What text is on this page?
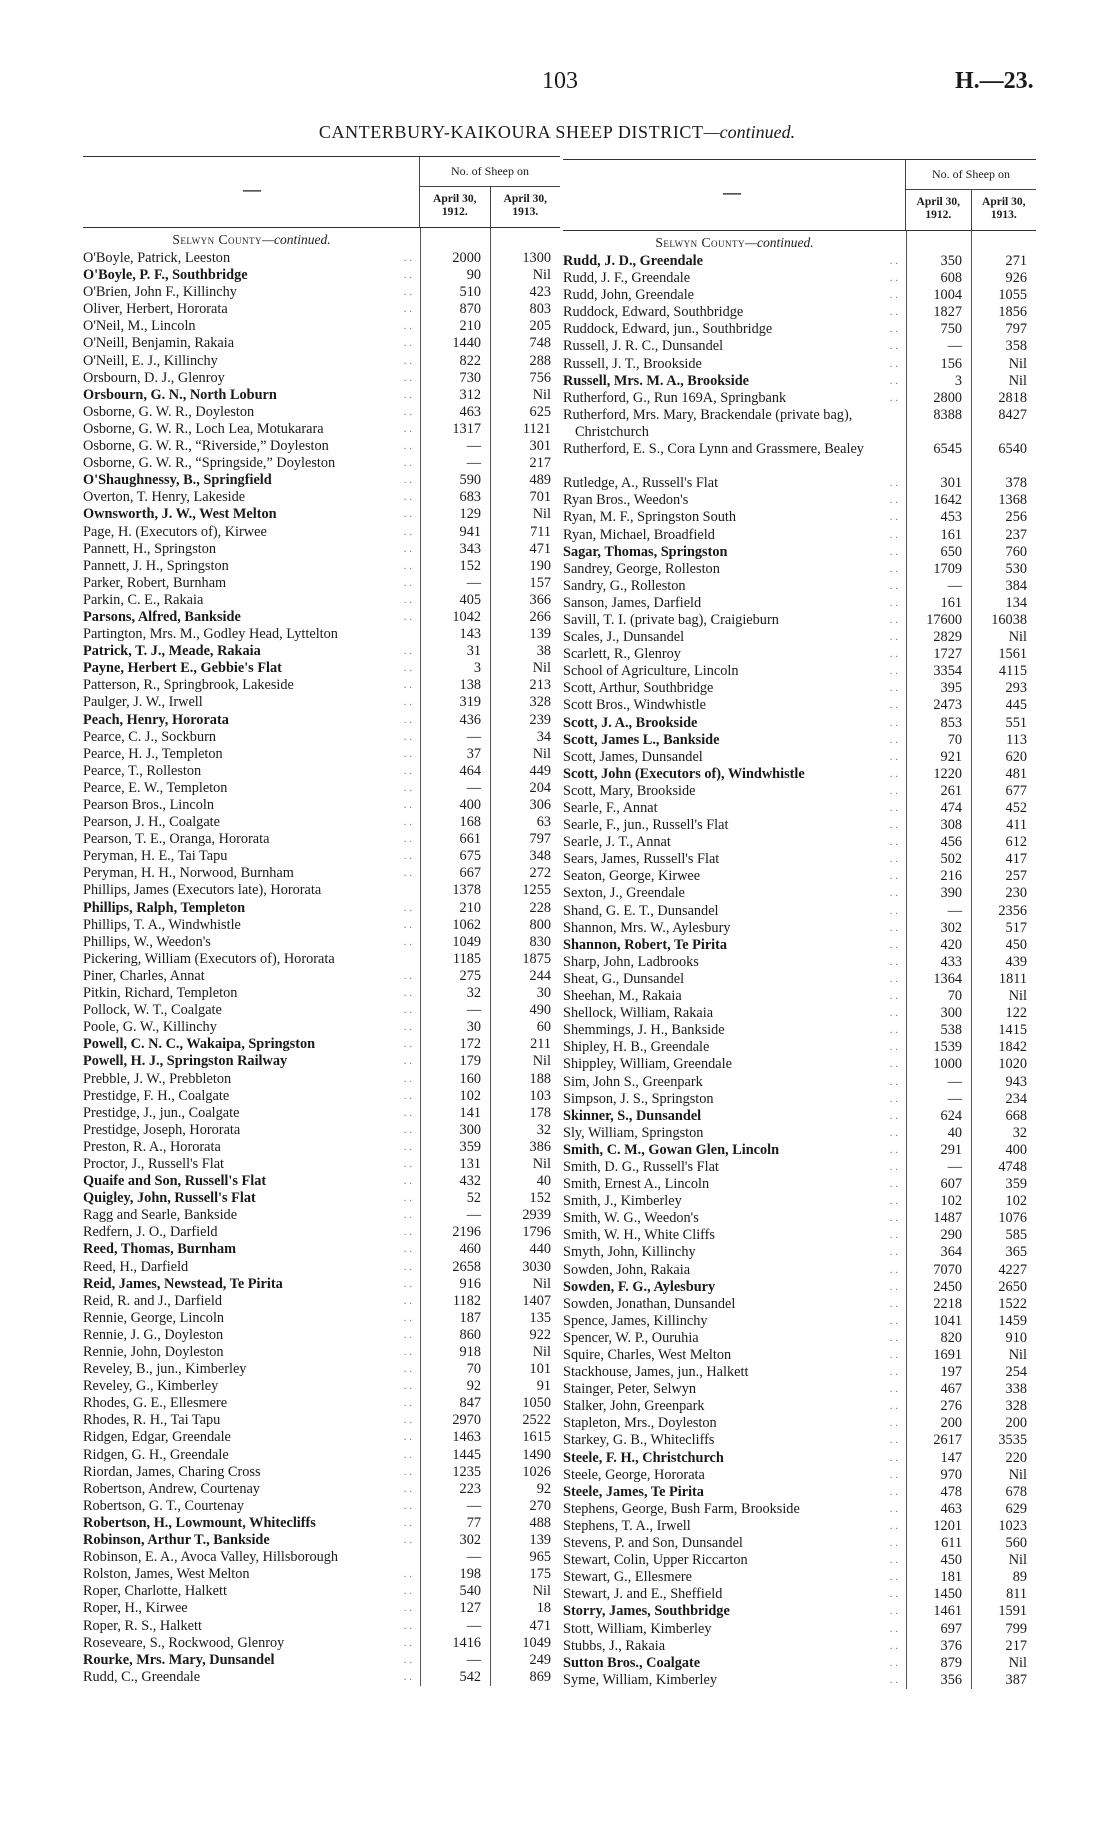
103	H.—23.
CANTERBURY-KAIKOURA SHEEP DISTRICT—continued.
—
No. of Sheep on
April 30, 1912.
April 30, 1913.
Selwyn County—continued.
O'Boyle, Patrick, Leeston . .	2000	1300
O'Boyle, P. F., Southbridge . .	90	Nil
O'Brien, John F., Killinchy . .	510	423
Oliver, Herbert, Hororata . .	870	803
O'Neil, M., Lincoln . .	210	205
O'Neill, Benjamin, Rakaia . .	1440	748
O'Neill, E. J., Killinchy . .	822	288
Orsbourn, D. J., Glenroy . .	730	756
Orsbourn, G. N., North Loburn . .	312	Nil
Osborne, G. W. R., Doyleston . .	463	625
Osborne, G. W. R., Loch Lea, Motukarara . .	1317	1121
Osborne, G. W. R., “Riverside,” Doyleston . .	—	301
Osborne, G. W. R., “Springside,” Doyleston . .	—	217
O'Shaughnessy, B., Springfield . .	590	489
Overton, T. Henry, Lakeside . .	683	701
Ownsworth, J. W., West Melton . .	129	Nil
Page, H. (Executors of), Kirwee . .	941	711
Pannett, H., Springston . .	343	471
Pannett, J. H., Springston . .	152	190
Parker, Robert, Burnham . .	—	157
Parkin, C. E., Rakaia . .	405	366
Parsons, Alfred, Bankside . .	1042	266
Partington, Mrs. M., Godley Head, Lyttelton	143	139
Patrick, T. J., Meade, Rakaia . .	31	38
Payne, Herbert E., Gebbie's Flat . .	3	Nil
Patterson, R., Springbrook, Lakeside . .	138	213
Paulger, J. W., Irwell . .	319	328
Peach, Henry, Hororata . .	436	239
Pearce, C. J., Sockburn . .	—	34
Pearce, H. J., Templeton . .	37	Nil
Pearce, T., Rolleston . .	464	449
Pearce, E. W., Templeton . .	—	204
Pearson Bros., Lincoln . .	400	306
Pearson, J. H., Coalgate . .	168	63
Pearson, T. E., Oranga, Hororata . .	661	797
Peryman, H. E., Tai Tapu . .	675	348
Peryman, H. H., Norwood, Burnham . .	667	272
Phillips, James (Executors late), Hororata	1378	1255
Phillips, Ralph, Templeton . .	210	228
Phillips, T. A., Windwhistle . .	1062	800
Phillips, W., Weedon's . .	1049	830
Pickering, William (Executors of), Hororata	1185	1875
Piner, Charles, Annat . .	275	244
Pitkin, Richard, Templeton . .	32	30
Pollock, W. T., Coalgate . .	—	490
Poole, G. W., Killinchy . .	30	60
Powell, C. N. C., Wakaipa, Springston . .	172	211
Powell, H. J., Springston Railway . .	179	Nil
Prebble, J. W., Prebbleton . .	160	188
Prestidge, F. H., Coalgate . .	102	103
Prestidge, J., jun., Coalgate . .	141	178
Prestidge, Joseph, Hororata . .	300	32
Preston, R. A., Hororata . .	359	386
Proctor, J., Russell's Flat . .	131	Nil
Quaife and Son, Russell's Flat . .	432	40
Quigley, John, Russell's Flat . .	52	152
Ragg and Searle, Bankside . .	—	2939
Redfern, J. O., Darfield . .	2196	1796
Reed, Thomas, Burnham . .	460	440
Reed, H., Darfield . .	2658	3030
Reid, James, Newstead, Te Pirita . .	916	Nil
Reid, R. and J., Darfield . .	1182	1407
Rennie, George, Lincoln . .	187	135
Rennie, J. G., Doyleston . .	860	922
Rennie, John, Doyleston . .	918	Nil
Reveley, B., jun., Kimberley . .	70	101
Reveley, G., Kimberley . .	92	91
Rhodes, G. E., Ellesmere . .	847	1050
Rhodes, R. H., Tai Tapu . .	2970	2522
Ridgen, Edgar, Greendale . .	1463	1615
Ridgen, G. H., Greendale . .	1445	1490
Riordan, James, Charing Cross . .	1235	1026
Robertson, Andrew, Courtenay . .	223	92
Robertson, G. T., Courtenay . .	—	270
Robertson, H., Lowmount, Whitecliffs . .	77	488
Robinson, Arthur T., Bankside . .	302	139
Robinson, E. A., Avoca Valley, Hillsborough	—	965
Rolston, James, West Melton . .	198	175
Roper, Charlotte, Halkett . .	540	Nil
Roper, H., Kirwee . .	127	18
Roper, R. S., Halkett . .	—	471
Roseveare, S., Rockwood, Glenroy . .	1416	1049
Rourke, Mrs. Mary, Dunsandel . .	—	249
Rudd, C., Greendale . .	542	869
—
No. of Sheep on
April 30, 1912.
April 30, 1913.
Selwyn County—continued.
Rudd, J. D., Greendale . .	350	271
Rudd, J. F., Greendale . .	608	926
Rudd, John, Greendale . .	1004	1055
Ruddock, Edward, Southbridge . .	1827	1856
Ruddock, Edward, jun., Southbridge . .	750	797
Russell, J. R. C., Dunsandel . .	—	358
Russell, J. T., Brookside . .	156	Nil
Russell, Mrs. M. A., Brookside . .	3	Nil
Rutherford, G., Run 169A, Springbank . .	2800	2818
Rutherford, Mrs. Mary, Brackendale (private bag), Christchurch
8388	8427
Rutherford, E. S., Cora Lynn and Grassmere, Bealey	6545	6540
Rutledge, A., Russell's Flat . .	301	378
Ryan Bros., Weedon's . .	1642	1368
Ryan, M. F., Springston South . .	453	256
Ryan, Michael, Broadfield . .	161	237
Sagar, Thomas, Springston . .	650	760
Sandrey, George, Rolleston . .	1709	530
Sandry, G., Rolleston . .	—	384
Sanson, James, Darfield . .	161	134
Savill, T. I. (private bag), Craigieburn . .	17600	16038
Scales, J., Dunsandel . .	2829	Nil
Scarlett, R., Glenroy . .	1727	1561
School of Agriculture, Lincoln . .	3354	4115
Scott, Arthur, Southbridge . .	395	293
Scott Bros., Windwhistle . .	2473	445
Scott, J. A., Brookside . .	853	551
Scott, James L., Bankside . .	70	113
Scott, James, Dunsandel . .	921	620
Scott, John (Executors of), Windwhistle . .	1220	481
Scott, Mary, Brookside . .	261	677
Searle, F., Annat . .	474	452
Searle, F., jun., Russell's Flat . .	308	411
Searle, J. T., Annat . .	456	612
Sears, James, Russell's Flat . .	502	417
Seaton, George, Kirwee . .	216	257
Sexton, J., Greendale . .	390	230
Shand, G. E. T., Dunsandel . .	—	2356
Shannon, Mrs. W., Aylesbury . .	302	517
Shannon, Robert, Te Pirita . .	420	450
Sharp, John, Ladbrooks . .	433	439
Sheat, G., Dunsandel . .	1364	1811
Sheehan, M., Rakaia . .	70	Nil
Shellock, William, Rakaia . .	300	122
Shemmings, J. H., Bankside . .	538	1415
Shipley, H. B., Greendale . .	1539	1842
Shippley, William, Greendale . .	1000	1020
Sim, John S., Greenpark . .	—	943
Simpson, J. S., Springston . .	—	234
Skinner, S., Dunsandel . .	624	668
Sly, William, Springston . .	40	32
Smith, C. M., Gowan Glen, Lincoln . .	291	400
Smith, D. G., Russell's Flat . .	—	4748
Smith, Ernest A., Lincoln . .	607	359
Smith, J., Kimberley . .	102	102
Smith, W. G., Weedon's . .	1487	1076
Smith, W. H., White Cliffs . .	290	585
Smyth, John, Killinchy . .	364	365
Sowden, John, Rakaia . .	7070	4227
Sowden, F. G., Aylesbury . .	2450	2650
Sowden, Jonathan, Dunsandel . .	2218	1522
Spence, James, Killinchy . .	1041	1459
Spencer, W. P., Ouruhia . .	820	910
Squire, Charles, West Melton . .	1691	Nil
Stackhouse, James, jun., Halkett . .	197	254
Stainger, Peter, Selwyn . .	467	338
Stalker, John, Greenpark . .	276	328
Stapleton, Mrs., Doyleston . .	200	200
Starkey, G. B., Whitecliffs . .	2617	3535
Steele, F. H., Christchurch . .	147	220
Steele, George, Hororata . .	970	Nil
Steele, James, Te Pirita . .	478	678
Stephens, George, Bush Farm, Brookside . .	463	629
Stephens, T. A., Irwell . .	1201	1023
Stevens, P. and Son, Dunsandel . .	611	560
Stewart, Colin, Upper Riccarton . .	450	Nil
Stewart, G., Ellesmere . .	181	89
Stewart, J. and E., Sheffield . .	1450	811
Storry, James, Southbridge . .	1461	1591
Stott, William, Kimberley . .	697	799
Stubbs, J., Rakaia . .	376	217
Sutton Bros., Coalgate . .	879	Nil
Syme, William, Kimberley . .	356	387
